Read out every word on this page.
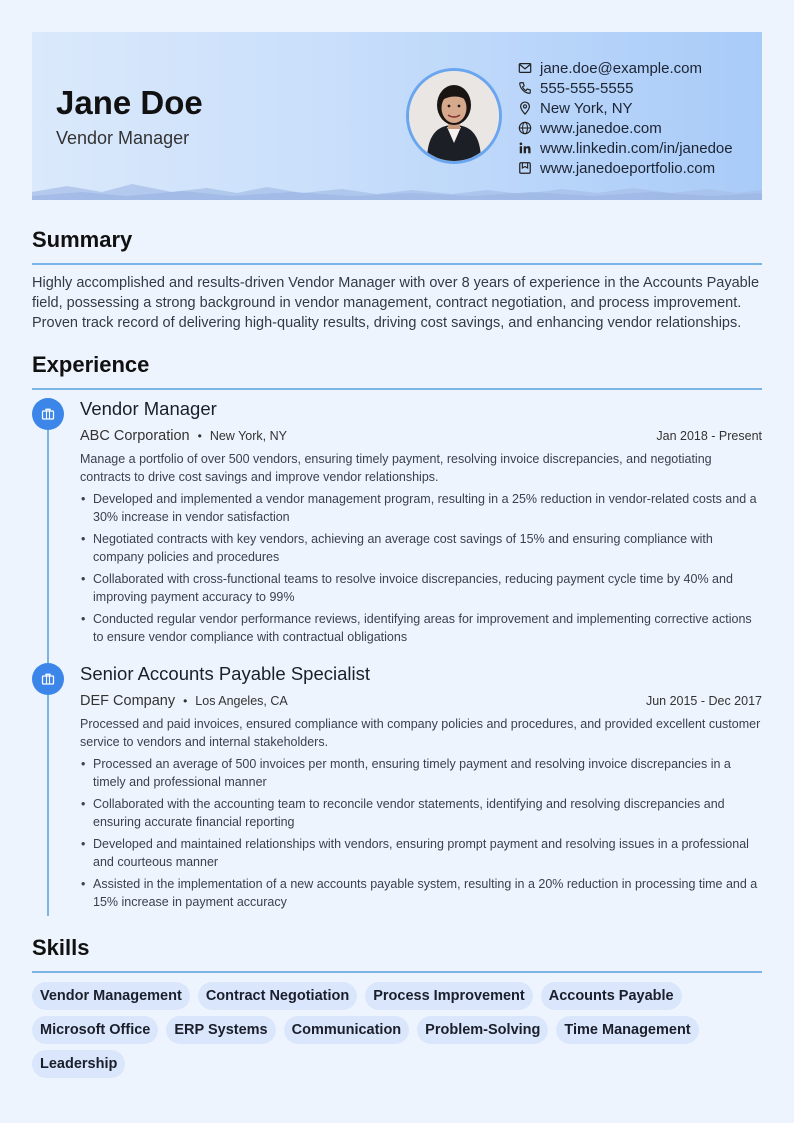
Jane Doe
Vendor Manager
jane.doe@example.com
555-555-5555
New York, NY
www.janedoe.com
www.linkedin.com/in/janedoe
www.janedoeportfolio.com
Summary
Highly accomplished and results-driven Vendor Manager with over 8 years of experience in the Accounts Payable field, possessing a strong background in vendor management, contract negotiation, and process improvement. Proven track record of delivering high-quality results, driving cost savings, and enhancing vendor relationships.
Experience
Vendor Manager
ABC Corporation • New York, NY	Jan 2018 - Present
Manage a portfolio of over 500 vendors, ensuring timely payment, resolving invoice discrepancies, and negotiating contracts to drive cost savings and improve vendor relationships.
• Developed and implemented a vendor management program, resulting in a 25% reduction in vendor-related costs and a 30% increase in vendor satisfaction
• Negotiated contracts with key vendors, achieving an average cost savings of 15% and ensuring compliance with company policies and procedures
• Collaborated with cross-functional teams to resolve invoice discrepancies, reducing payment cycle time by 40% and improving payment accuracy to 99%
• Conducted regular vendor performance reviews, identifying areas for improvement and implementing corrective actions to ensure vendor compliance with contractual obligations
Senior Accounts Payable Specialist
DEF Company • Los Angeles, CA	Jun 2015 - Dec 2017
Processed and paid invoices, ensured compliance with company policies and procedures, and provided excellent customer service to vendors and internal stakeholders.
• Processed an average of 500 invoices per month, ensuring timely payment and resolving invoice discrepancies in a timely and professional manner
• Collaborated with the accounting team to reconcile vendor statements, identifying and resolving discrepancies and ensuring accurate financial reporting
• Developed and maintained relationships with vendors, ensuring prompt payment and resolving issues in a professional and courteous manner
• Assisted in the implementation of a new accounts payable system, resulting in a 20% reduction in processing time and a 15% increase in payment accuracy
Skills
Vendor Management	Contract Negotiation	Process Improvement	Accounts Payable
Microsoft Office	ERP Systems	Communication	Problem-Solving	Time Management
Leadership
